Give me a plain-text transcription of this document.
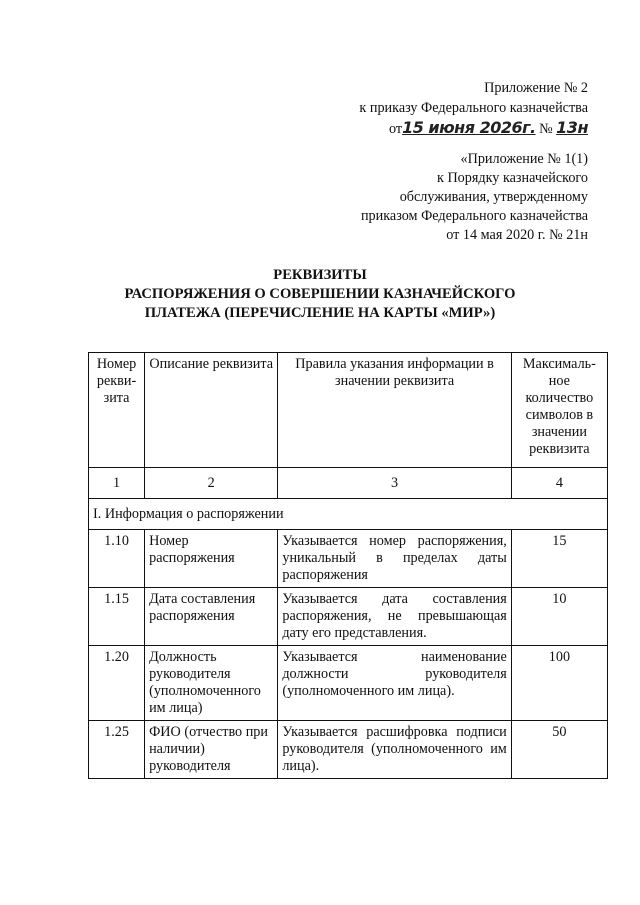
Приложение № 2
к приказу Федерального казначейства
от15 июня 2026г. № 13н
«Приложение № 1(1)
к Порядку казначейского
обслуживания, утвержденному
приказом Федерального казначейства
от 14 мая 2020 г. № 21н
РЕКВИЗИТЫ
РАСПОРЯЖЕНИЯ О СОВЕРШЕНИИ КАЗНАЧЕЙСКОГО
ПЛАТЕЖА (ПЕРЕЧИСЛЕНИЕ НА КАРТЫ «МИР»)
Номер рекви-зита	Описание реквизита	Правила указания информации в значении реквизита	Максималь-ное количество символов в значении реквизита
1	2	3	4
I. Информация о распоряжении			
1.10	Номер распоряжения	Указывается номер распоряжения, уникальный в пределах даты распоряжения	15
1.15	Дата составления распоряжения	Указывается дата составления распоряжения, не превышающая дату его представления.	10
1.20	Должность руководителя (уполномоченного им лица)	Указывается наименование должности руководителя (уполномоченного им лица).	100
1.25	ФИО (отчество при наличии) руководителя	Указывается расшифровка подписи руководителя (уполномоченного им лица).	50
